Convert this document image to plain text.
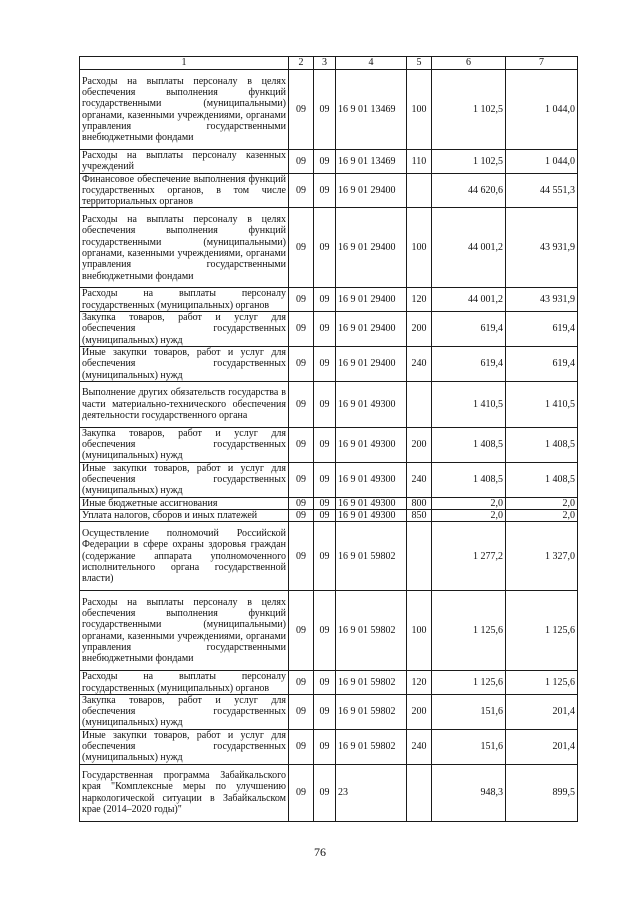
1	2	3	4	5	6	7
Расходы на выплаты персоналу в целях обеспечения выполнения функций государственными (муниципальными) органами, казенными учреждениями, органами управления государственными внебюджетными фондами	09	09	16 9 01 13469	100	1 102,5	1 044,0
Расходы на выплаты персоналу казенных учреждений	09	09	16 9 01 13469	110	1 102,5	1 044,0
Финансовое обеспечение выполнения функций государственных органов, в том числе территориальных органов	09	09	16 9 01 29400		44 620,6	44 551,3
Расходы на выплаты персоналу в целях обеспечения выполнения функций государственными (муниципальными) органами, казенными учреждениями, органами управления государственными внебюджетными фондами	09	09	16 9 01 29400	100	44 001,2	43 931,9
Расходы на выплаты персоналу государственных (муниципальных) органов	09	09	16 9 01 29400	120	44 001,2	43 931,9
Закупка товаров, работ и услуг для обеспечения государственных (муниципальных) нужд	09	09	16 9 01 29400	200	619,4	619,4
Иные закупки товаров, работ и услуг для обеспечения государственных (муниципальных) нужд	09	09	16 9 01 29400	240	619,4	619,4
Выполнение других обязательств государства в части материально-технического обеспечения деятельности государственного органа	09	09	16 9 01 49300		1 410,5	1 410,5
Закупка товаров, работ и услуг для обеспечения государственных (муниципальных) нужд	09	09	16 9 01 49300	200	1 408,5	1 408,5
Иные закупки товаров, работ и услуг для обеспечения государственных (муниципальных) нужд	09	09	16 9 01 49300	240	1 408,5	1 408,5
Иные бюджетные ассигнования	09	09	16 9 01 49300	800	2,0	2,0
Уплата налогов, сборов и иных платежей	09	09	16 9 01 49300	850	2,0	2,0
Осуществление полномочий Российской Федерации в сфере охраны здоровья граждан (содержание аппарата уполномоченного исполнительного органа государственной власти)	09	09	16 9 01 59802		1 277,2	1 327,0
Расходы на выплаты персоналу в целях обеспечения выполнения функций государственными (муниципальными) органами, казенными учреждениями, органами управления государственными внебюджетными фондами	09	09	16 9 01 59802	100	1 125,6	1 125,6
Расходы на выплаты персоналу государственных (муниципальных) органов	09	09	16 9 01 59802	120	1 125,6	1 125,6
Закупка товаров, работ и услуг для обеспечения государственных (муниципальных) нужд	09	09	16 9 01 59802	200	151,6	201,4
Иные закупки товаров, работ и услуг для обеспечения государственных (муниципальных) нужд	09	09	16 9 01 59802	240	151,6	201,4
Государственная программа Забайкальского края "Комплексные меры по улучшению наркологической ситуации в Забайкальском крае (2014–2020 годы)"	09	09	23		948,3	899,5
76
